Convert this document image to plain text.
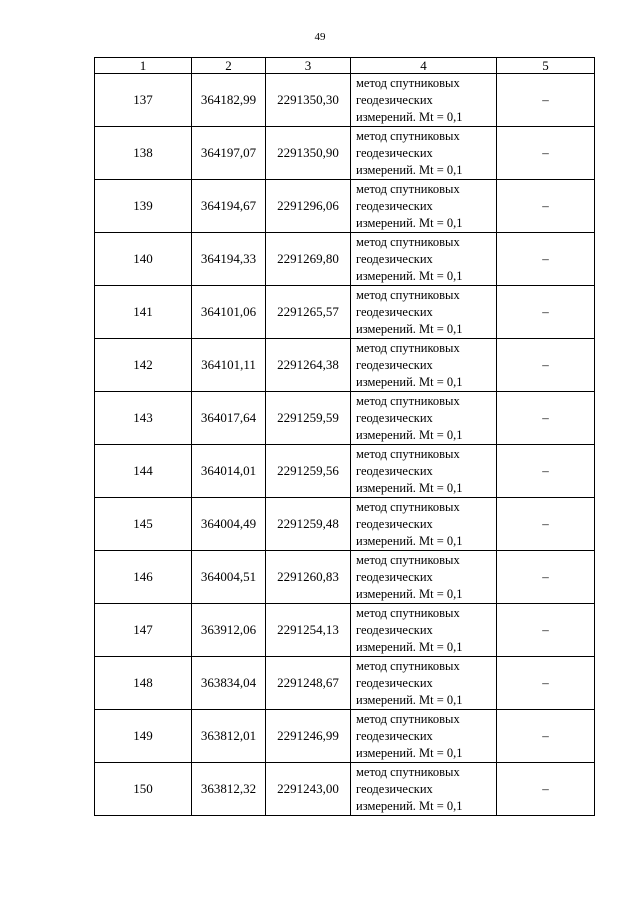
49
1	2	3	4	5
137	364182,99	2291350,30	метод спутниковых
геодезических
измерений. Mt = 0,1	–
138	364197,07	2291350,90	метод спутниковых
геодезических
измерений. Mt = 0,1	–
139	364194,67	2291296,06	метод спутниковых
геодезических
измерений. Mt = 0,1	–
140	364194,33	2291269,80	метод спутниковых
геодезических
измерений. Mt = 0,1	–
141	364101,06	2291265,57	метод спутниковых
геодезических
измерений. Mt = 0,1	–
142	364101,11	2291264,38	метод спутниковых
геодезических
измерений. Mt = 0,1	–
143	364017,64	2291259,59	метод спутниковых
геодезических
измерений. Mt = 0,1	–
144	364014,01	2291259,56	метод спутниковых
геодезических
измерений. Mt = 0,1	–
145	364004,49	2291259,48	метод спутниковых
геодезических
измерений. Mt = 0,1	–
146	364004,51	2291260,83	метод спутниковых
геодезических
измерений. Mt = 0,1	–
147	363912,06	2291254,13	метод спутниковых
геодезических
измерений. Mt = 0,1	–
148	363834,04	2291248,67	метод спутниковых
геодезических
измерений. Mt = 0,1	–
149	363812,01	2291246,99	метод спутниковых
геодезических
измерений. Mt = 0,1	–
150	363812,32	2291243,00	метод спутниковых
геодезических
измерений. Mt = 0,1	–
